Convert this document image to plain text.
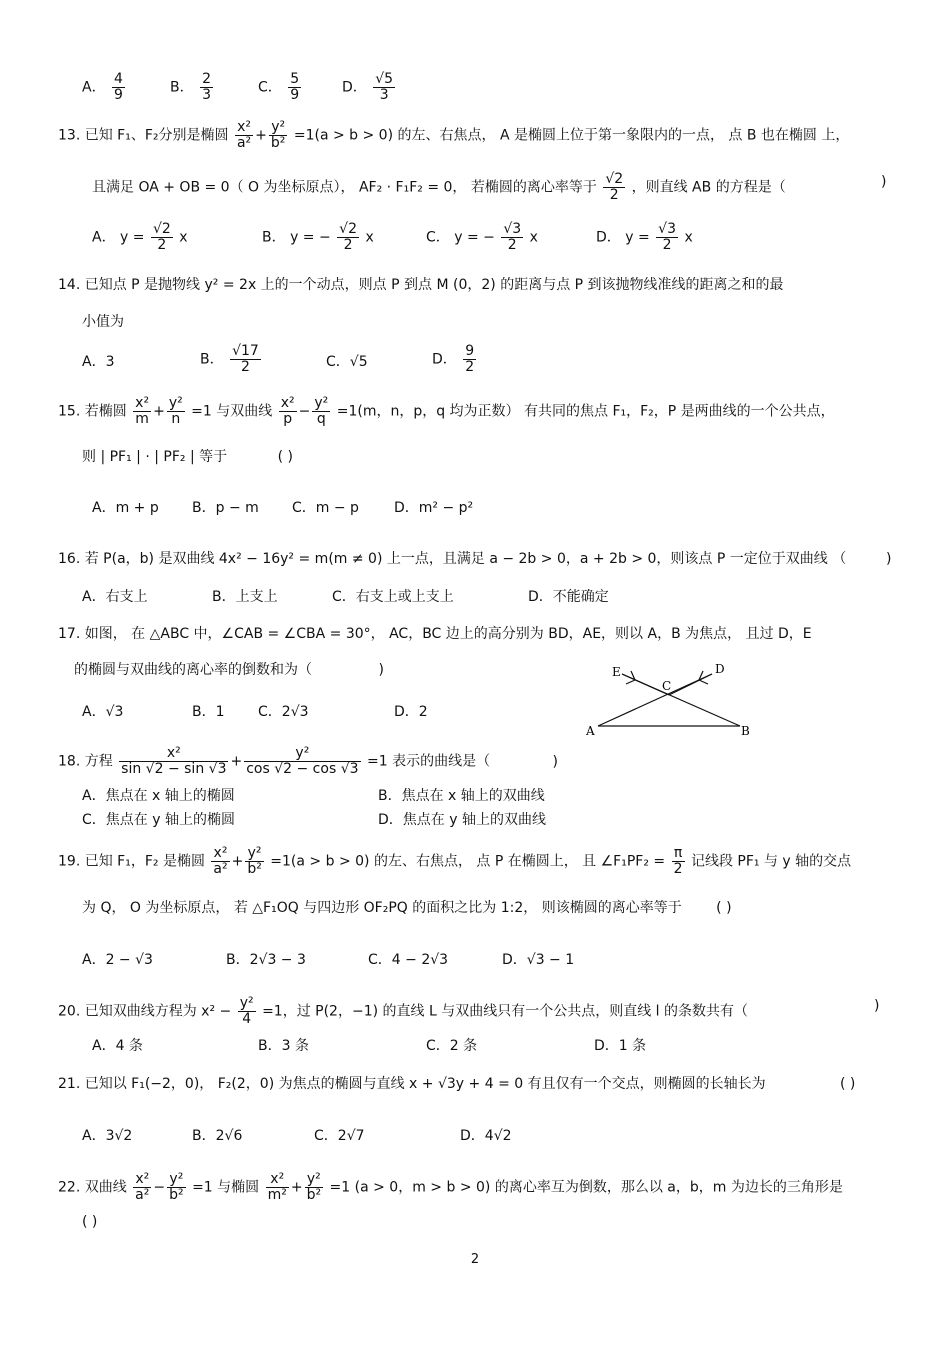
A． $\frac{4}{9}$	B． $\frac{2}{3}$	C． $\frac{5}{9}$	D． $\frac{√5}{3}$
13. 已知 F₁、F₂分别是椭圆 $\frac{\text{x²}}{\text{a²}} + \frac{\text{y²}}{\text{b²}} =1(a > b > 0)$ 的左、右焦点， A 是椭圆上位于第一象限内的一点， 点 B 也在椭圆 上，
且满足 OA + OB = 0（ O 为坐标原点）， AF₂ · F₁F₂ = 0， 若椭圆的离心率等于 $\frac{√2}{2}$ ，则直线 AB 的方程是（	)
A． $y = \frac{√2}{2}$ x	B． y = − $\frac{√2}{2}$ x	C． y = − $\frac{√3}{2}$ x	D． $y = \frac{√3}{2}$ x
14. 已知点 P 是抛物线 y² = 2x 上的一个动点，则点 P 到点 M (0，2) 的距离与点 P 到该抛物线准线的距离之和的最
小值为
A．3	B． $\frac{√17}{2}$	C．√5	D． $\frac{9}{2}$
15. 若椭圆 $\frac{\text{x²}}{m} + \frac{\text{y²}}{n} =1$ 与双曲线 $\frac{\text{x²}}{p} - \frac{\text{y²}}{q} =1(m$，n，p，q 均为正数） 有共同的焦点 F₁，F₂，P 是两曲线的一个公共点，
则 | PF₁ | · | PF₂ | 等于	( )
A．m + p B．p − m C．m − p	D．m² − p²
16. 若 P(a，b) 是双曲线 4x² − 16y² = m(m ≠ 0) 上一点，且满足 a − 2b > 0，a + 2b > 0，则该点 P 一定位于双曲线 （	)
A．右支上	B．上支上	C．右支上或上支上	D．不能确定
17. 如图， 在 △ABC 中，∠CAB = ∠CBA = 30°， AC，BC 边上的高分别为 BD，AE，则以 A，B 为焦点， 且过 D，E
的椭圆与双曲线的离心率的倒数和为（	)
A．√3	B．1 C．2√3	D．2
E	D
C
A	B
18. 方程 $\frac{\text{x²}}{\sin √2 - \sin √3} + \frac{\text{y²}}{\cos √2 - \cos √3} =1$ 表示的曲线是（	)
A．焦点在 x 轴上的椭圆	B．焦点在 x 轴上的双曲线
C．焦点在 y 轴上的椭圆	D．焦点在 y 轴上的双曲线
19. 已知 F₁，F₂ 是椭圆 $\frac{\text{x²}}{\text{a²}} + \frac{\text{y²}}{\text{b²}} =1(a > b > 0)$ 的左、右焦点， 点 P 在椭圆上， 且 ∠F₁PF₂ = $\frac{\pi}{2}$ 记线段 PF₁ 与 y 轴的交点
为 Q， O 为坐标原点， 若 △F₁OQ 与四边形 OF₂PQ 的面积之比为 1:2， 则该椭圆的离心率等于 ( )
A．2 − √3	B．2√3 − 3	C．4 − 2√3	D．√3 − 1
20. 已知双曲线方程为 $x^2 - \frac{\text{y²}}{4} =1$，过 P(2，−1) 的直线 L 与双曲线只有一个公共点，则直线 l 的条数共有（	)
A．4 条	B．3 条	C．2 条	D．1 条
21. 已知以 F₁(−2，0)， F₂(2，0) 为焦点的椭圆与直线 x + √3y + 4 = 0 有且仅有一个交点，则椭圆的长轴长为	( )
A．3√2	B．2√6	C．2√7	D．4√2
22. 双曲线 $\frac{\text{x²}}{\text{a²}} - \frac{\text{y²}}{\text{b²}} =1$ 与椭圆 $\frac{\text{x²}}{\text{m²}} + \frac{\text{y²}}{\text{b²}} =1$ (a > 0，m > b > 0) 的离心率互为倒数，那么以 a，b，m 为边长的三角形是
( )
2
